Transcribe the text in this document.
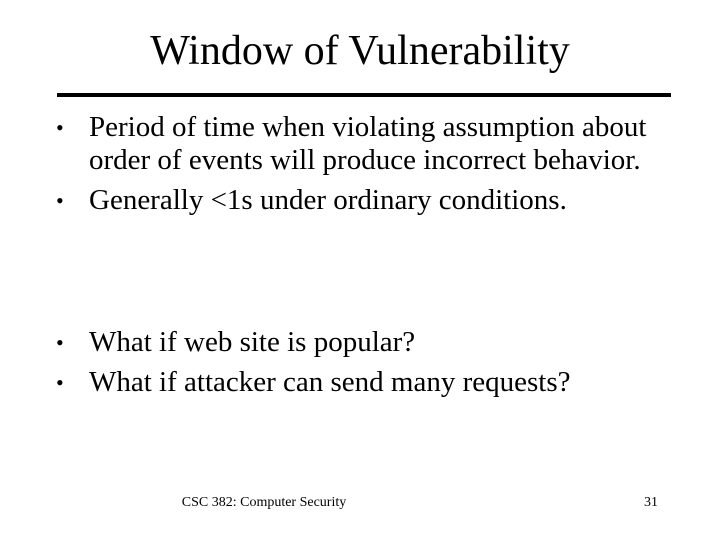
Window of Vulnerability
• Period of time when violating assumption about order of events will produce incorrect behavior.
• Generally <1s under ordinary conditions.
• What if web site is popular?
• What if attacker can send many requests?
CSC 382: Computer Security	31
